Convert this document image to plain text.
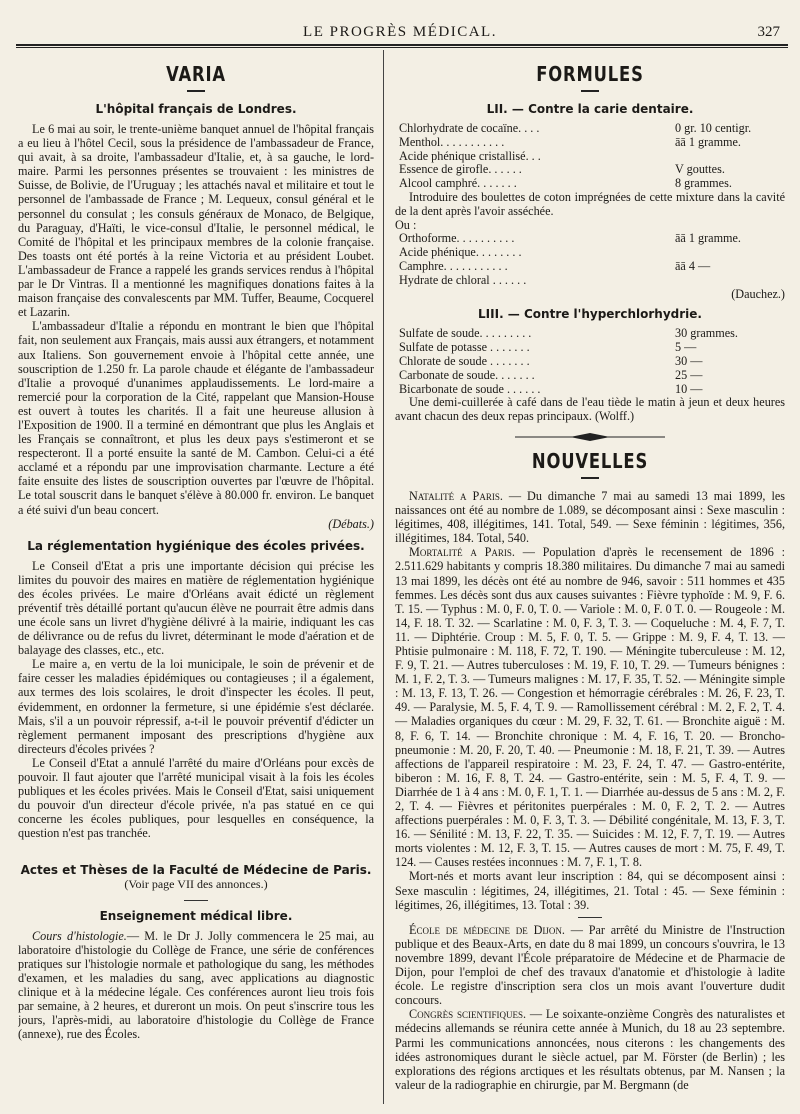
LE PROGRÈS MÉDICAL.	327
VARIA
L'hôpital français de Londres.

Le 6 mai au soir, le trente-unième banquet annuel de l'hôpital français a eu lieu à l'hôtel Cecil, sous la présidence de l'ambassadeur de France, qui avait, à sa droite, l'ambassadeur d'Italie, et, à sa gauche, le lord-maire. Parmi les personnes présentes se trouvaient : les ministres de Suisse, de Bolivie, de l'Uruguay ; les attachés naval et militaire et tout le personnel de l'ambassade de France ; M. Lequeux, consul général et le personnel du consulat ; les consuls généraux de Monaco, de Belgique, du Paraguay, d'Haïti, le vice-consul d'Italie, le personnel médical, le Comité de l'hôpital et les principaux membres de la colonie française. Des toasts ont été portés à la reine Victoria et au président Loubet. L'ambassadeur de France a rappelé les grands services rendus à l'hôpital par le Dr Vintras. Il a mentionné les magnifiques donations faites à la maison française des convalescents par MM. Tuffer, Beaume, Cocquerel et Lazarin.

L'ambassadeur d'Italie a répondu en montrant le bien que l'hôpital fait, non seulement aux Français, mais aussi aux étrangers, et notamment aux Italiens. Son gouvernement envoie à l'hôpital cette année, une souscription de 1.250 fr. La parole chaude et élégante de l'ambassadeur d'Italie a provoqué d'unanimes applaudissements. Le lord-maire a remercié pour la corporation de la Cité, rappelant que Mansion-House est ouvert à toutes les charités. Il a fait une heureuse allusion à l'Exposition de 1900. Il a terminé en démontrant que plus les Anglais et les Français se connaîtront, et plus les deux pays s'estimeront et se respecteront. Il a porté ensuite la santé de M. Cambon. Celui-ci a été acclamé et a répondu par une improvisation charmante. Lecture a été faite ensuite des listes de souscription ouvertes par l'œuvre de l'hôpital. Le total souscrit dans le banquet s'élève à 80.000 fr. environ. Le banquet a été suivi d'un beau concert.

(Débats.)
La réglementation hygiénique des écoles privées.

Le Conseil d'Etat a pris une importante décision qui précise les limites du pouvoir des maires en matière de réglementation hygiénique des écoles privées. Le maire d'Orléans avait édicté un règlement préventif très détaillé portant qu'aucun élève ne pourrait être admis dans une école sans un livret d'hygiène délivré à la mairie, indiquant les cas de délivrance ou de refus du livret, déterminant le mode d'aération et de balayage des classes, etc., etc.

Le maire a, en vertu de la loi municipale, le soin de prévenir et de faire cesser les maladies épidémiques ou contagieuses ; il a également, aux termes des lois scolaires, le droit d'inspecter les écoles. Il peut, évidemment, en ordonner la fermeture, si une épidémie s'est déclarée. Mais, s'il a un pouvoir répressif, a-t-il le pouvoir préventif d'édicter un règlement permanent imposant des prescriptions d'hygiène aux directeurs d'écoles privées ?

Le Conseil d'Etat a annulé l'arrêté du maire d'Orléans pour excès de pouvoir. Il faut ajouter que l'arrêté municipal visait à la fois les écoles publiques et les écoles privées. Mais le Conseil d'Etat, saisi uniquement du pouvoir d'un directeur d'école privée, n'a pas statué en ce qui concerne les écoles publiques, pour lesquelles en conséquence, la question n'est pas tranchée.

Actes et Thèses de la Faculté de Médecine de Paris.
(Voir page VII des annonces.)
Enseignement médical libre.

Cours d'histologie.— M. le Dr J. Jolly commencera le 25 mai, au laboratoire d'histologie du Collège de France, une série de conférences pratiques sur l'histologie normale et pathologique du sang, les méthodes d'examen, et les maladies du sang, avec applications au diagnostic clinique et à la médecine légale. Ces conférences auront lieu trois fois par semaine, à 2 heures, et dureront un mois. On peut s'inscrire tous les jours, l'après-midi, au laboratoire d'histologie du Collège de France (annexe), rue des Écoles.

FORMULES
LII. — Contre la carie dentaire.
Chlorhydrate de cocaïne. . . .	0 gr. 10 centigr.
Menthol. . . . . . . . . . .	āā 1 gramme.
Acide phénique cristallisé. . .
Essence de girofle. . . . . .	V gouttes.
Alcool camphré. . . . . . .	8 grammes.
Introduire des boulettes de coton imprégnées de cette mixture dans la cavité de la dent après l'avoir asséchée.
Ou :
Orthoforme. . . . . . . . . .	āā 1 gramme.
Acide phénique. . . . . . . .
Camphre. . . . . . . . . . .	āā 4 —
Hydrate de chloral . . . . . .
(Dauchez.)
LIII. — Contre l'hyperchlorhydrie.
Sulfate de soude. . . . . . . . .	30 grammes.
Sulfate de potasse . . . . . . .	5 —
Chlorate de soude . . . . . . .	30 —
Carbonate de soude. . . . . . .	25 —
Bicarbonate de soude . . . . . .	10 —
Une demi-cuillerée à café dans de l'eau tiède le matin à jeun et deux heures avant chacun des deux repas principaux. (Wolff.)
NOUVELLES

Natalité a Paris. — Du dimanche 7 mai au samedi 13 mai 1899, les naissances ont été au nombre de 1.089, se décomposant ainsi : Sexe masculin : légitimes, 408, illégitimes, 141. Total, 549. — Sexe féminin : légitimes, 356, illégitimes, 184. Total, 540.

Mortalité a Paris. — Population d'après le recensement de 1896 : 2.511.629 habitants y compris 18.380 militaires. Du dimanche 7 mai au samedi 13 mai 1899, les décès ont été au nombre de 946, savoir : 511 hommes et 435 femmes. Les décès sont dus aux causes suivantes : Fièvre typhoïde : M. 9, F. 6. T. 15. — Typhus : M. 0, F. 0, T. 0. — Variole : M. 0, F. 0 T. 0. — Rougeole : M. 14, F. 18. T. 32. — Scarlatine : M. 0, F. 3, T. 3. — Coqueluche : M. 4, F. 7, T. 11. — Diphtérie. Croup : M. 5, F. 0, T. 5. — Grippe : M. 9, F. 4, T. 13. — Phtisie pulmonaire : M. 118, F. 72, T. 190. — Méningite tuberculeuse : M. 12, F. 9, T. 21. — Autres tuberculoses : M. 19, F. 10, T. 29. — Tumeurs bénignes : M. 1, F. 2, T. 3. — Tumeurs malignes : M. 17, F. 35, T. 52. — Méningite simple : M. 13, F. 13, T. 26. — Congestion et hémorragie cérébrales : M. 26, F. 23, T. 49. — Paralysie, M. 5, F. 4, T. 9. — Ramollissement cérébral : M. 2, F. 2, T. 4. — Maladies organiques du cœur : M. 29, F. 32, T. 61. — Bronchite aiguë : M. 8, F. 6, T. 14. — Bronchite chronique : M. 4, F. 16, T. 20. — Broncho-pneumonie : M. 20, F. 20, T. 40. — Pneumonie : M. 18, F. 21, T. 39. — Autres affections de l'appareil respiratoire : M. 23, F. 24, T. 47. — Gastro-entérite, biberon : M. 16, F. 8, T. 24. — Gastro-entérite, sein : M. 5, F. 4, T. 9. — Diarrhée de 1 à 4 ans : M. 0, F. 1, T. 1. — Diarrhée au-dessus de 5 ans : M. 2, F. 2, T. 4. — Fièvres et péritonites puerpérales : M. 0, F. 2, T. 2. — Autres affections puerpérales : M. 0, F. 3, T. 3. — Débilité congénitale, M. 13, F. 3, T. 16. — Sénilité : M. 13, F. 22, T. 35. — Suicides : M. 12, F. 7, T. 19. — Autres morts violentes : M. 12, F. 3, T. 15. — Autres causes de mort : M. 75, F. 49, T. 124. — Causes restées inconnues : M. 7, F. 1, T. 8.

Mort-nés et morts avant leur inscription : 84, qui se décomposent ainsi : Sexe masculin : légitimes, 24, illégitimes, 21. Total : 45. — Sexe féminin : légitimes, 26, illégitimes, 13. Total : 39.

École de médecine de Dijon. — Par arrêté du Ministre de l'Instruction publique et des Beaux-Arts, en date du 8 mai 1899, un concours s'ouvrira, le 13 novembre 1899, devant l'École préparatoire de Médecine et de Pharmacie de Dijon, pour l'emploi de chef des travaux d'anatomie et d'histologie à ladite école. Le registre d'inscription sera clos un mois avant l'ouverture dudit concours.

Congrès scientifiques. — Le soixante-onzième Congrès des naturalistes et médecins allemands se réunira cette année à Munich, du 18 au 23 septembre. Parmi les communications annoncées, nous citerons : les changements des idées astronomiques durant le siècle actuel, par M. Förster (de Berlin) ; les explorations des régions arctiques et les résultats obtenus, par M. Nansen ; la valeur de la radiographie en chirurgie, par M. Bergmann (de
